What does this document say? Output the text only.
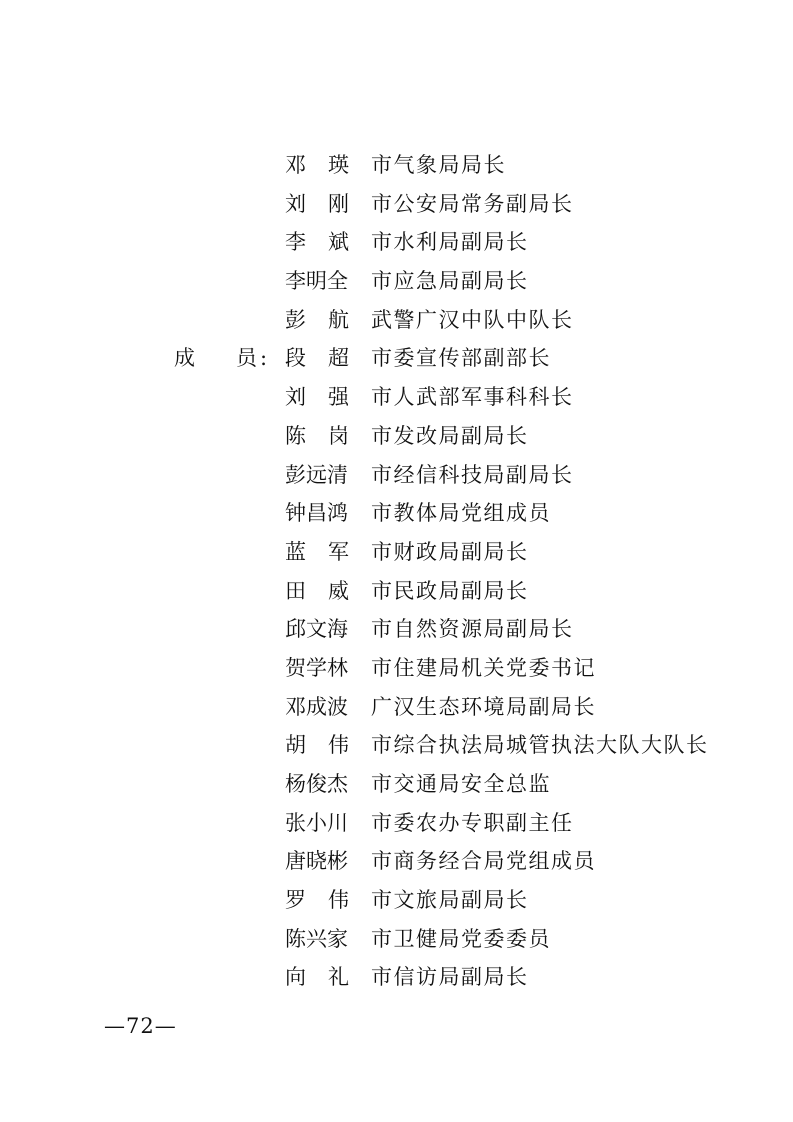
邓 瑛 市气象局局长
刘 刚 市公安局常务副局长
李 斌 市水利局副局长
李明全 市应急局副局长
彭 航 武警广汉中队中队长
成 员 : 段 超 市委宣传部副部长
刘 强 市人武部军事科科长
陈 岗 市发改局副局长
彭远清 市经信科技局副局长
钟昌鸿 市教体局党组成员
蓝 军 市财政局副局长
田 威 市民政局副局长
邱文海 市自然资源局副局长
贺学林 市住建局机关党委书记
邓成波 广汉生态环境局副局长
胡 伟 市综合执法局城管执法大队大队长
杨俊杰 市交通局安全总监
张小川 市委农办专职副主任
唐晓彬 市商务经合局党组成员
罗 伟 市文旅局副局长
陈兴家 市卫健局党委委员
向 礼 市信访局副局长
—72—
